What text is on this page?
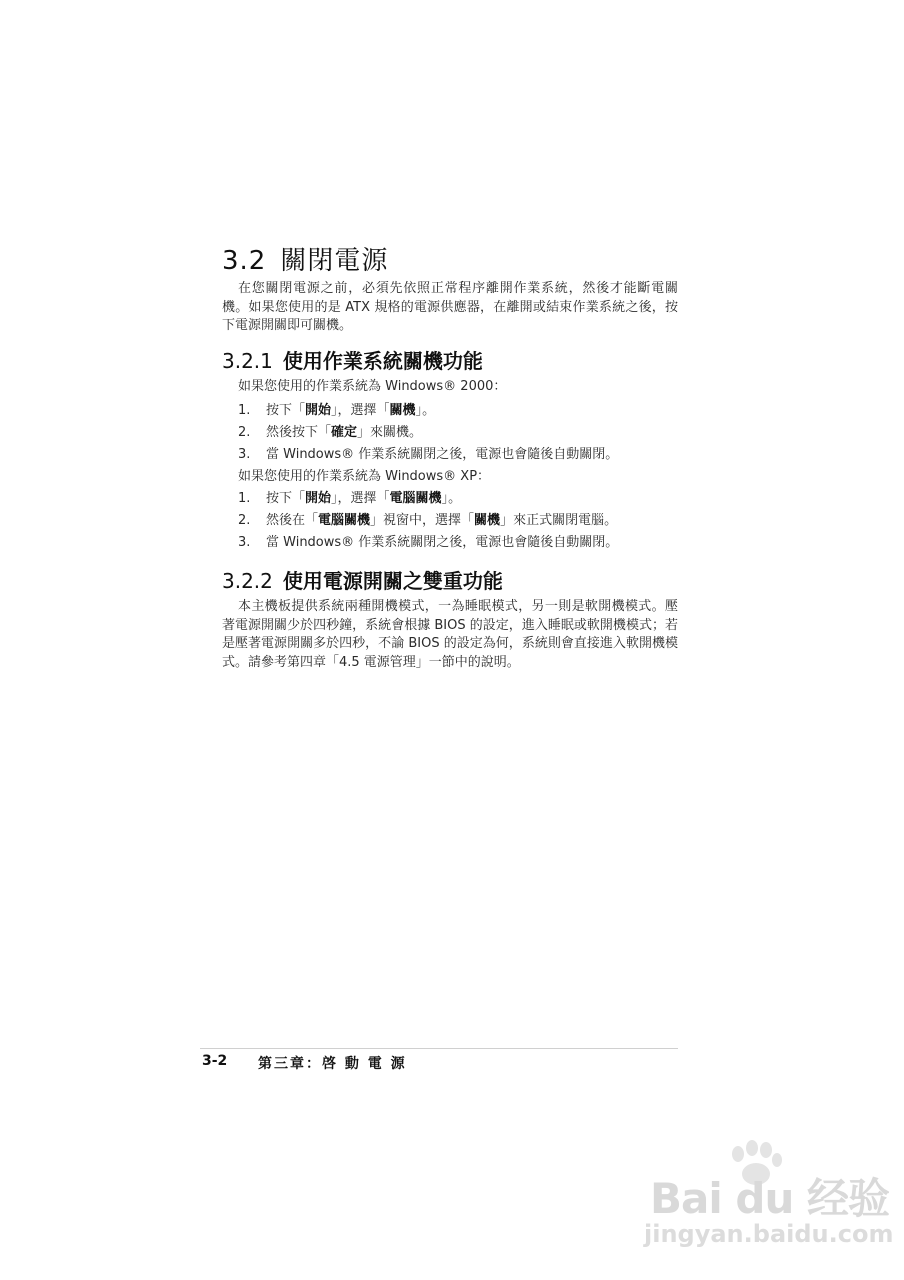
3.2 關閉電源
在您關閉電源之前，必須先依照正常程序離開作業系統，然後才能斷電關機。如果您使用的是 ATX 規格的電源供應器，在離開或結束作業系統之後，按下電源開關即可關機。
3.2.1 使用作業系統關機功能
如果您使用的作業系統為 Windows® 2000：
1. 按下「開始」，選擇「關機」。
2. 然後按下「確定」來關機。
3. 當 Windows® 作業系統關閉之後，電源也會隨後自動關閉。
如果您使用的作業系統為 Windows® XP：
1. 按下「開始」，選擇「電腦關機」。
2. 然後在「電腦關機」視窗中，選擇「關機」來正式關閉電腦。
3. 當 Windows® 作業系統關閉之後，電源也會隨後自動關閉。
3.2.2 使用電源開關之雙重功能
本主機板提供系統兩種開機模式，一為睡眠模式，另一則是軟開機模式。壓著電源開關少於四秒鐘，系統會根據 BIOS 的設定，進入睡眠或軟開機模式；若是壓著電源開關多於四秒，不論 BIOS 的設定為何，系統則會直接進入軟開機模式。請參考第四章「4.5 電源管理」一節中的說明。
3-2 第三章：啓 動 電 源
Bai du 经验
jingyan.baidu.com
